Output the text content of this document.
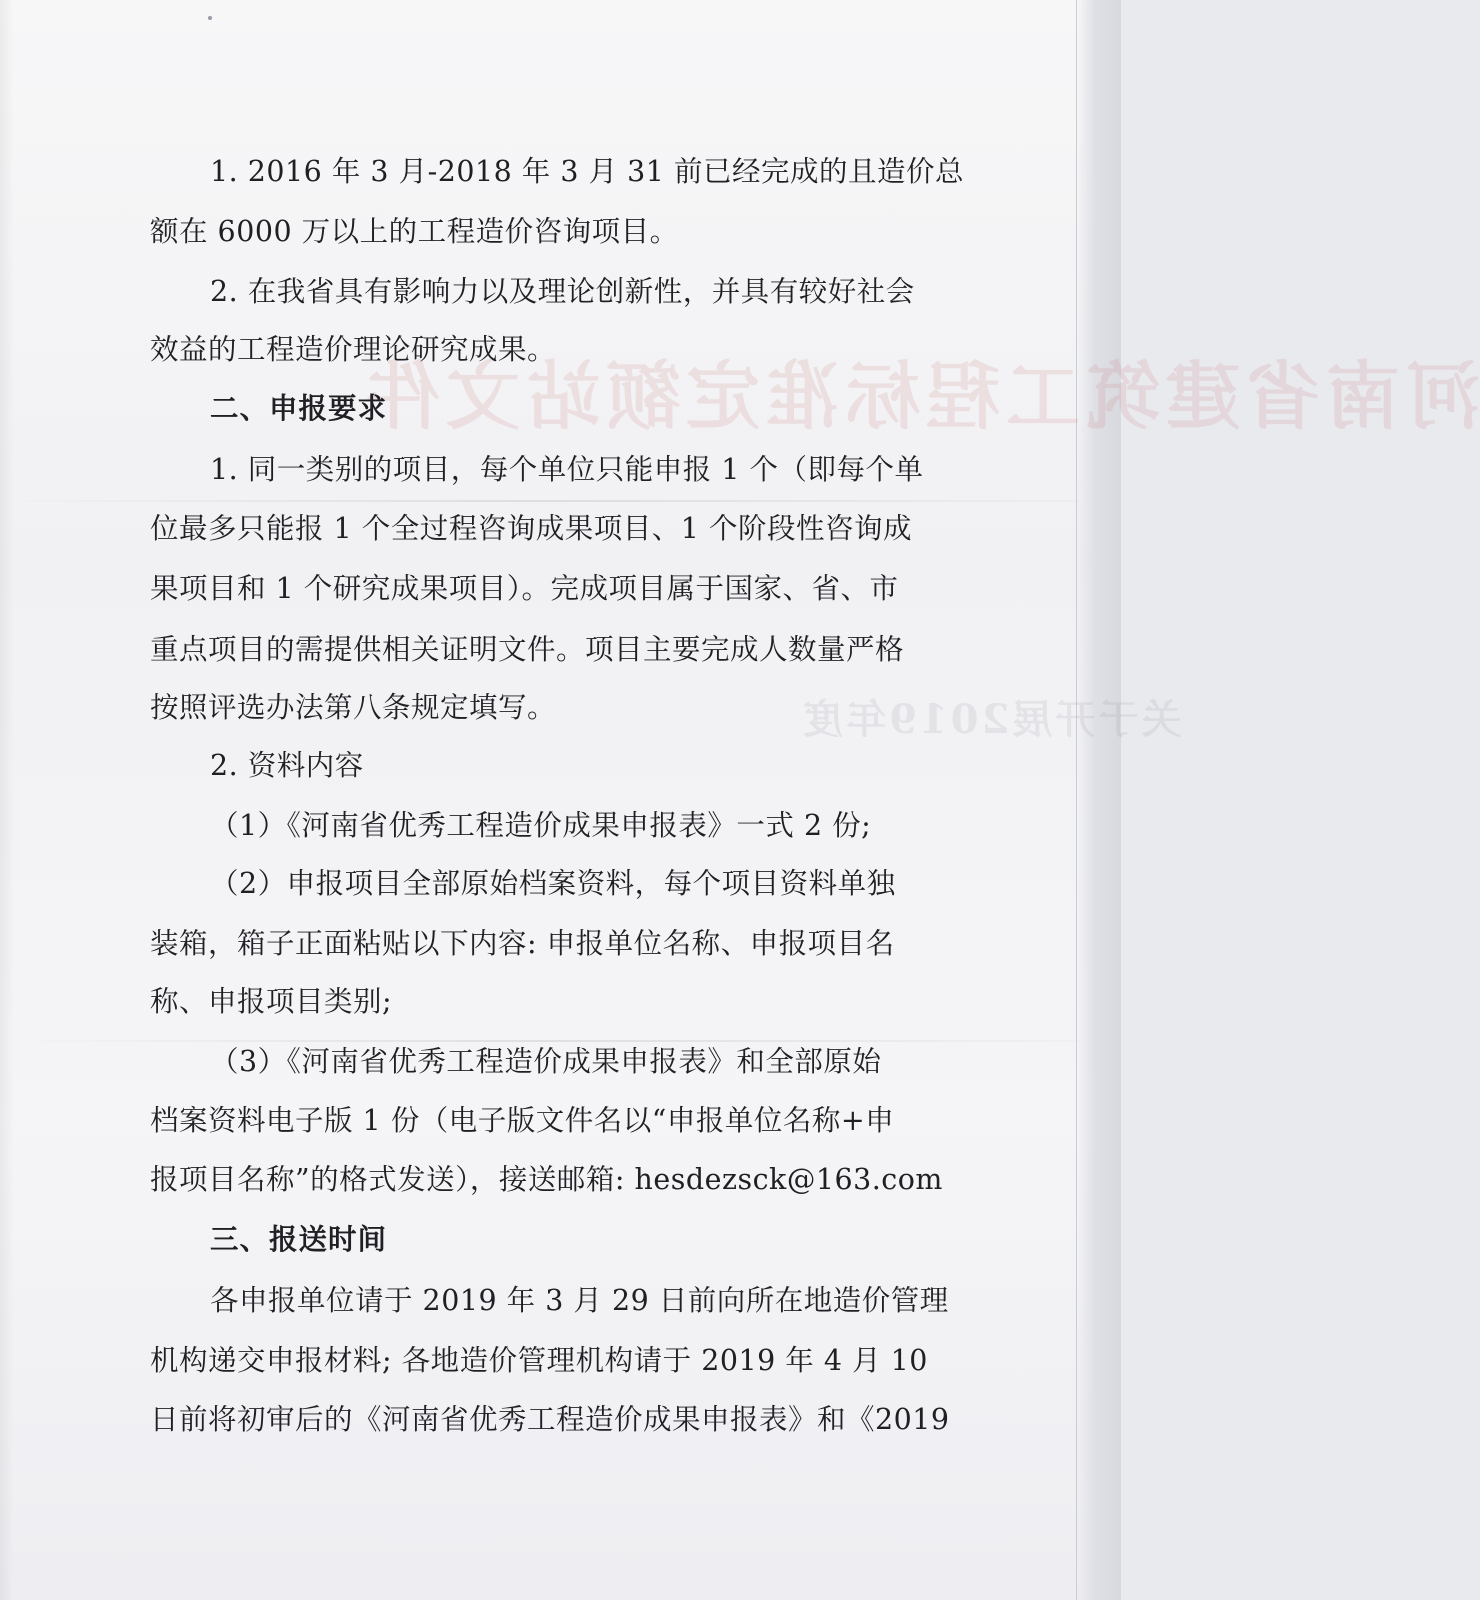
河南省建筑工程标准定额站文件
关于开展2019年度
1. 2016 年 3 月-2018 年 3 月 31 前已经完成的且造价总
额在 6000 万以上的工程造价咨询项目。
2. 在我省具有影响力以及理论创新性，并具有较好社会
效益的工程造价理论研究成果。
二、申报要求
1. 同一类别的项目，每个单位只能申报 1 个（即每个单
位最多只能报 1 个全过程咨询成果项目、1 个阶段性咨询成
果项目和 1 个研究成果项目）。完成项目属于国家、省、市
重点项目的需提供相关证明文件。项目主要完成人数量严格
按照评选办法第八条规定填写。
2. 资料内容
（1）《河南省优秀工程造价成果申报表》一式 2 份;
（2）申报项目全部原始档案资料，每个项目资料单独
装箱，箱子正面粘贴以下内容: 申报单位名称、申报项目名
称、申报项目类别;
（3）《河南省优秀工程造价成果申报表》和全部原始
档案资料电子版 1 份（电子版文件名以“申报单位名称+申
报项目名称”的格式发送），接送邮箱: hesdezsck@163.com
三、报送时间
各申报单位请于 2019 年 3 月 29 日前向所在地造价管理
机构递交申报材料; 各地造价管理机构请于 2019 年 4 月 10
日前将初审后的《河南省优秀工程造价成果申报表》和《2019
